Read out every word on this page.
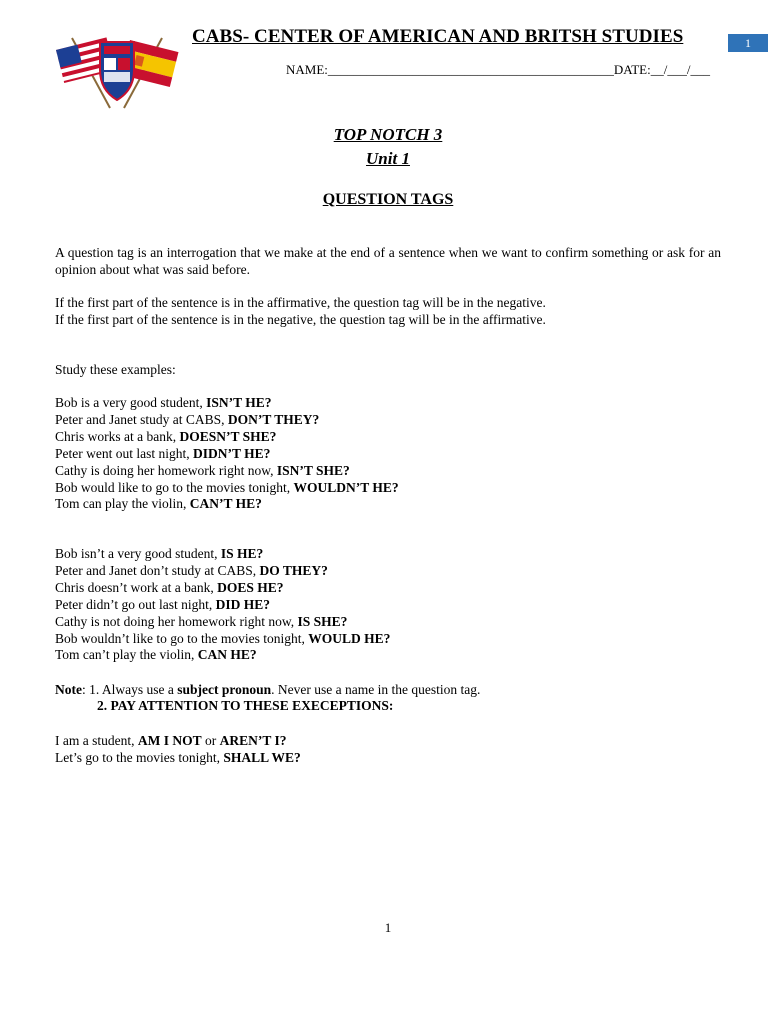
CABS- CENTER OF AMERICAN AND BRITSH STUDIES	1
NAME:____________________________________________DATE:__/___/___
TOP NOTCH 3
Unit 1
QUESTION TAGS
A question tag is an interrogation that we make at the end of a sentence when we want to confirm something or ask for an opinion about what was said before.
If the first part of the sentence is in the affirmative, the question tag will be in the negative.
If the first part of the sentence is in the negative, the question tag will be in the affirmative.
Study these examples:
Bob is a very good student, ISN’T HE?
Peter and Janet study at CABS, DON’T THEY?
Chris works at a bank, DOESN’T SHE?
Peter went out last night, DIDN’T HE?
Cathy is doing her homework right now, ISN’T SHE?
Bob would like to go to the movies tonight, WOULDN’T HE?
Tom can play the violin, CAN’T HE?
Bob isn’t a very good student, IS HE?
Peter and Janet don’t study at CABS, DO THEY?
Chris doesn’t work at a bank, DOES HE?
Peter didn’t go out last night, DID HE?
Cathy is not doing her homework right now, IS SHE?
Bob wouldn’t like to go to the movies tonight, WOULD HE?
Tom can’t play the violin, CAN HE?
Note: 1. Always use a subject pronoun. Never use a name in the question tag.
2. PAY ATTENTION TO THESE EXECEPTIONS:
I am a student, AM I NOT or AREN’T I?
Let’s go to the movies tonight, SHALL WE?
1
